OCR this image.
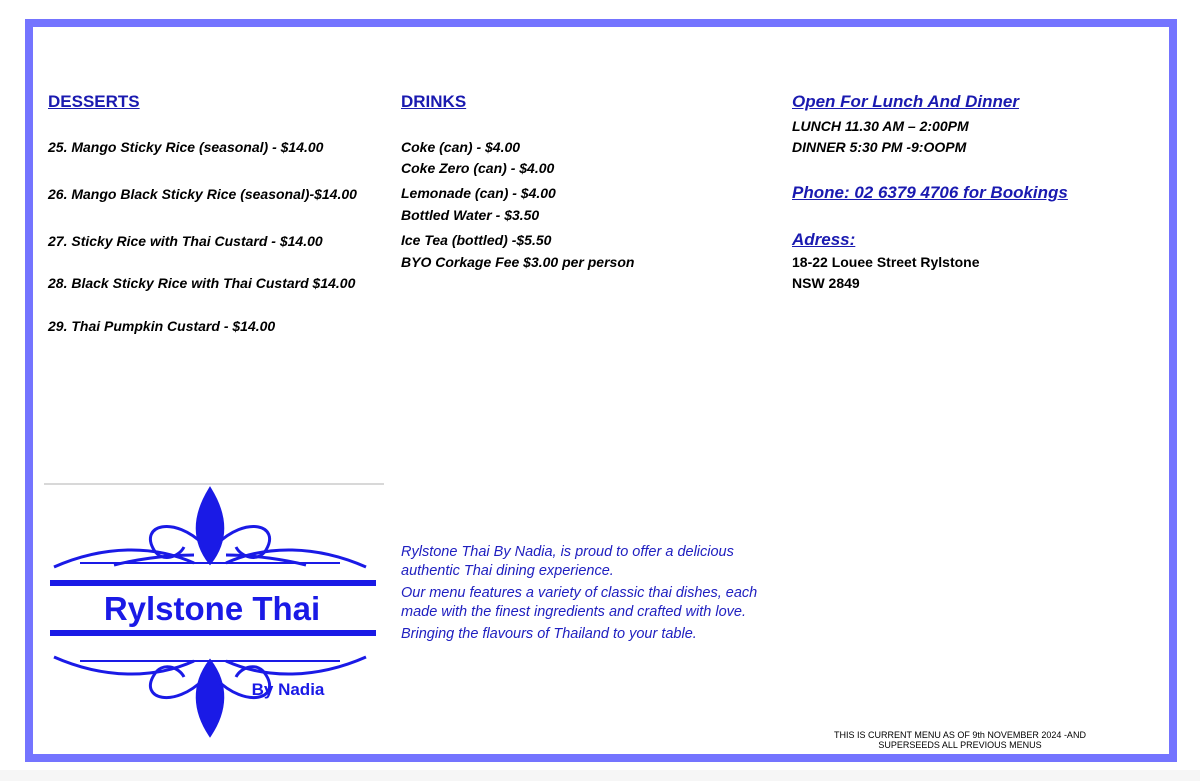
DESSERTS

25. Mango Sticky Rice (seasonal) - $14.00

26. Mango Black Sticky Rice (seasonal)-$14.00

27. Sticky Rice with Thai Custard - $14.00

28. Black Sticky Rice with Thai Custard $14.00

29. Thai Pumpkin Custard - $14.00

DRINKS

Coke (can) - $4.00

Coke Zero (can) - $4.00

Lemonade (can) - $4.00

Bottled Water - $3.50

Ice Tea (bottled) -$5.50

BYO Corkage Fee $3.00 per person

Open For Lunch And Dinner

LUNCH 11.30 AM – 2:00PM

DINNER 5:30 PM -9:OOPM

Phone: 02 6379 4706 for Bookings
Adress:

18-22 Louee Street Rylstone

NSW 2849

Rylstone Thai
By Nadia

Rylstone Thai By Nadia, is proud to offer a delicious authentic Thai dining experience.

Our menu features a variety of classic thai dishes, each made with the finest ingredients and crafted with love.

Bringing the flavours of Thailand to your table.

THIS IS CURRENT MENU AS OF 9th NOVEMBER 2024 -AND
SUPERSEEDS ALL PREVIOUS MENUS
